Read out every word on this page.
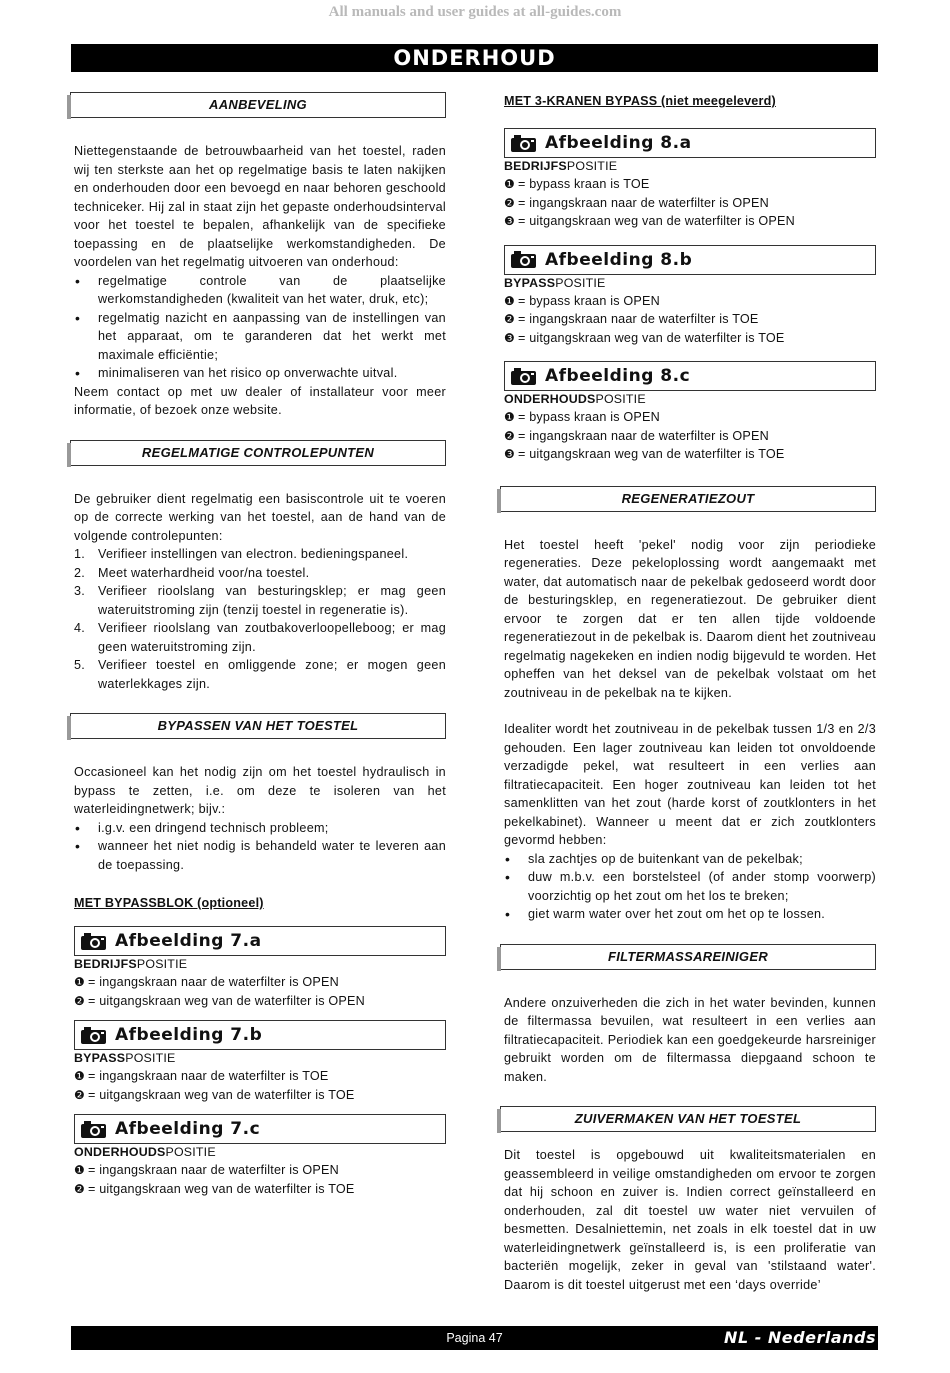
All manuals and user guides at all-guides.com
ONDERHOUD
AANBEVELING
Niettegenstaande de betrouwbaarheid van het toestel, raden wij ten sterkste aan het op regelmatige basis te laten nakijken en onderhouden door een bevoegd en naar behoren geschoold techniceker. Hij zal in staat zijn het gepaste onderhoudsinterval voor het toestel te bepalen, afhankelijk van de specifieke toepassing en de plaatselijke werkomstandigheden. De voordelen van het regelmatig uitvoeren van onderhoud:
• regelmatige controle van de plaatselijke werkomstandigheden (kwaliteit van het water, druk, etc);
• regelmatig nazicht en aanpassing van de instellingen van het apparaat, om te garanderen dat het werkt met maximale efficiëntie;
• minimaliseren van het risico op onverwachte uitval.
Neem contact op met uw dealer of installateur voor meer informatie, of bezoek onze website.
REGELMATIGE CONTROLEPUNTEN
De gebruiker dient regelmatig een basiscontrole uit te voeren op de correcte werking van het toestel, aan de hand van de volgende controlepunten:
1. Verifieer instellingen van electron. bedieningspaneel.
2. Meet waterhardheid voor/na toestel.
3. Verifieer rioolslang van besturingsklep; er mag geen wateruitstroming zijn (tenzij toestel in regeneratie is).
4. Verifieer rioolslang van zoutbakoverloopelleboog; er mag geen wateruitstroming zijn.
5. Verifieer toestel en omliggende zone; er mogen geen waterlekkages zijn.
BYPASSEN VAN HET TOESTEL
Occasioneel kan het nodig zijn om het toestel hydraulisch in bypass te zetten, i.e. om deze te isoleren van het waterleidingnetwerk; bijv.:
• i.g.v. een dringend technisch probleem;
• wanneer het niet nodig is behandeld water te leveren aan de toepassing.
MET BYPASSBLOK (optioneel)
Afbeelding 7.a
BEDRIJFSPOSITIE
❶ = ingangskraan naar de waterfilter is OPEN
❷ = uitgangskraan weg van de waterfilter is OPEN
Afbeelding 7.b
BYPASSPOSITIE
❶ = ingangskraan naar de waterfilter is TOE
❷ = uitgangskraan weg van de waterfilter is TOE
Afbeelding 7.c
ONDERHOUDSPOSITIE
❶ = ingangskraan naar de waterfilter is OPEN
❷ = uitgangskraan weg van de waterfilter is TOE
MET 3-KRANEN BYPASS (niet meegeleverd)
Afbeelding 8.a
BEDRIJFSPOSITIE
❶ = bypass kraan is TOE
❷ = ingangskraan naar de waterfilter is OPEN
❸ = uitgangskraan weg van de waterfilter is OPEN
Afbeelding 8.b
BYPASSPOSITIE
❶ = bypass kraan is OPEN
❷ = ingangskraan naar de waterfilter is TOE
❸ = uitgangskraan weg van de waterfilter is TOE
Afbeelding 8.c
ONDERHOUDSPOSITIE
❶ = bypass kraan is OPEN
❷ = ingangskraan naar de waterfilter is OPEN
❸ = uitgangskraan weg van de waterfilter is TOE
REGENERATIEZOUT
Het toestel heeft 'pekel' nodig voor zijn periodieke regeneraties. Deze pekeloplossing wordt aangemaakt met water, dat automatisch naar de pekelbak gedoseerd wordt door de besturingsklep, en regeneratiezout. De gebruiker dient ervoor te zorgen dat er ten allen tijde voldoende regeneratiezout in de pekelbak is. Daarom dient het zoutniveau regelmatig nagekeken en indien nodig bijgevuld te worden. Het opheffen van het deksel van de pekelbak volstaat om het zoutniveau in de pekelbak na te kijken.
Idealiter wordt het zoutniveau in de pekelbak tussen 1/3 en 2/3 gehouden. Een lager zoutniveau kan leiden tot onvoldoende verzadigde pekel, wat resulteert in een verlies aan filtratiecapaciteit. Een hoger zoutniveau kan leiden tot het samenklitten van het zout (harde korst of zoutklonters in het pekelkabinet). Wanneer u meent dat er zich zoutklonters gevormd hebben:
• sla zachtjes op de buitenkant van de pekelbak;
• duw m.b.v. een borstelsteel (of ander stomp voorwerp) voorzichtig op het zout om het los te breken;
• giet warm water over het zout om het op te lossen.
FILTERMASSAREINIGER
Andere onzuiverheden die zich in het water bevinden, kunnen de filtermassa bevuilen, wat resulteert in een verlies aan filtratiecapaciteit. Periodiek kan een goedgekeurde harsreiniger gebruikt worden om de filtermassa diepgaand schoon te maken.
ZUIVERMAKEN VAN HET TOESTEL
Dit toestel is opgebouwd uit kwaliteitsmaterialen en geassembleerd in veilige omstandigheden om ervoor te zorgen dat hij schoon en zuiver is. Indien correct geïnstalleerd en onderhouden, zal dit toestel uw water niet vervuilen of besmetten. Desalniettemin, net zoals in elk toestel dat in uw waterleidingnetwerk geïnstalleerd is, is een proliferatie van bacteriën mogelijk, zeker in geval van 'stilstaand water'. Daarom is dit toestel uitgerust met een ‘days override’
Pagina 47	NL - Nederlands
